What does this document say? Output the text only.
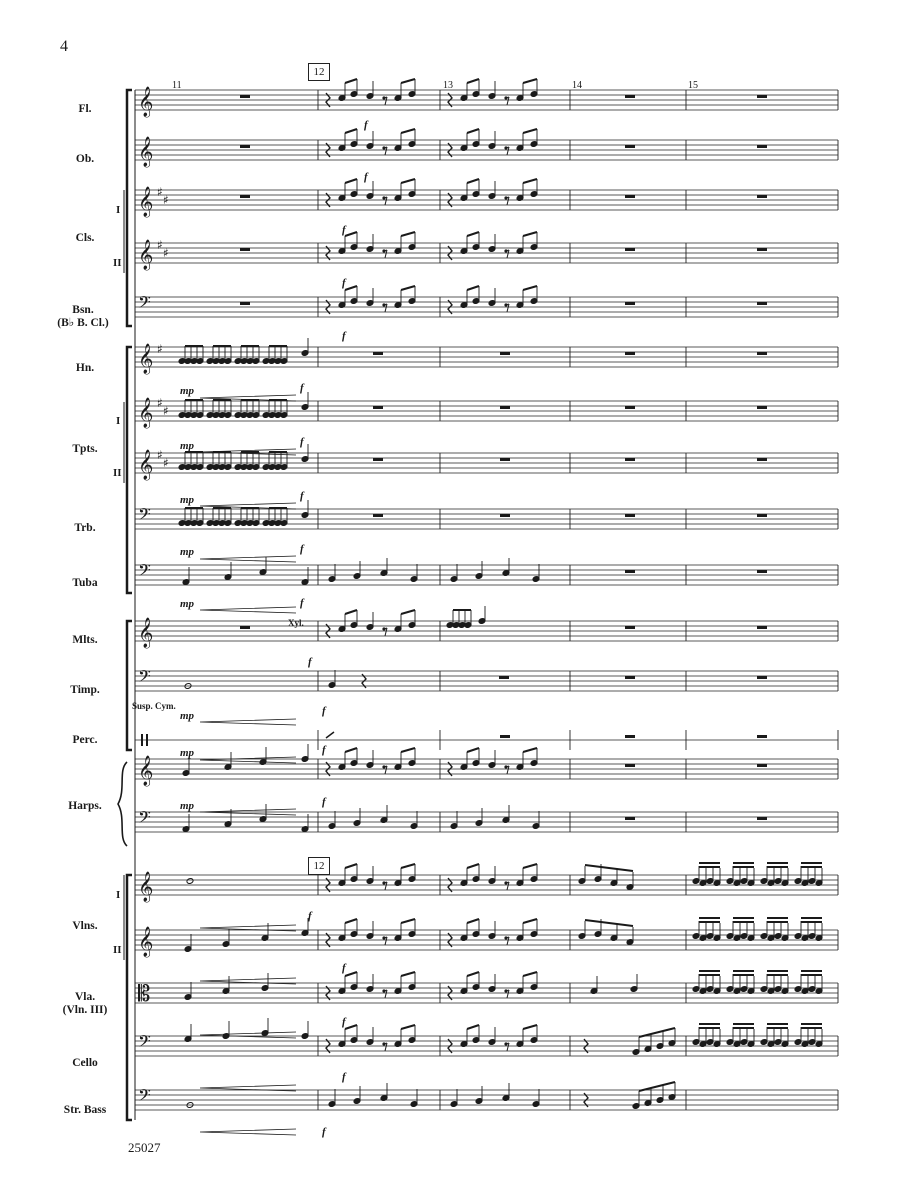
4
25027
12
12
11	13	14	15
Fl.
Ob.
Cls.
Bsn.
(B♭ B. Cl.)
Hn.
Tpts.
Trb.
Tuba
Mlts.
Timp.
Perc.
Harps.
Vlns.
Vla.
(Vln. III)
Cello
Str. Bass
I
II
I
II
I
II
Xyl.
Susp. Cym.
f
f
f
f
f
f
f
f
f
f
f
f
f
f
f
f
f
f
f
mp
mp
mp
mp
mp
mp
mp
mp
𝄞
𝄞
𝄞 ♯
♯
𝄞 ♯
♯
𝄢
𝄞 ♯
𝄞 ♯
♯
𝄞 ♯
♯
𝄢
𝄢
𝄞
𝄢
𝄞
𝄢
𝄞
𝄞
𝄡
𝄢
𝄢
